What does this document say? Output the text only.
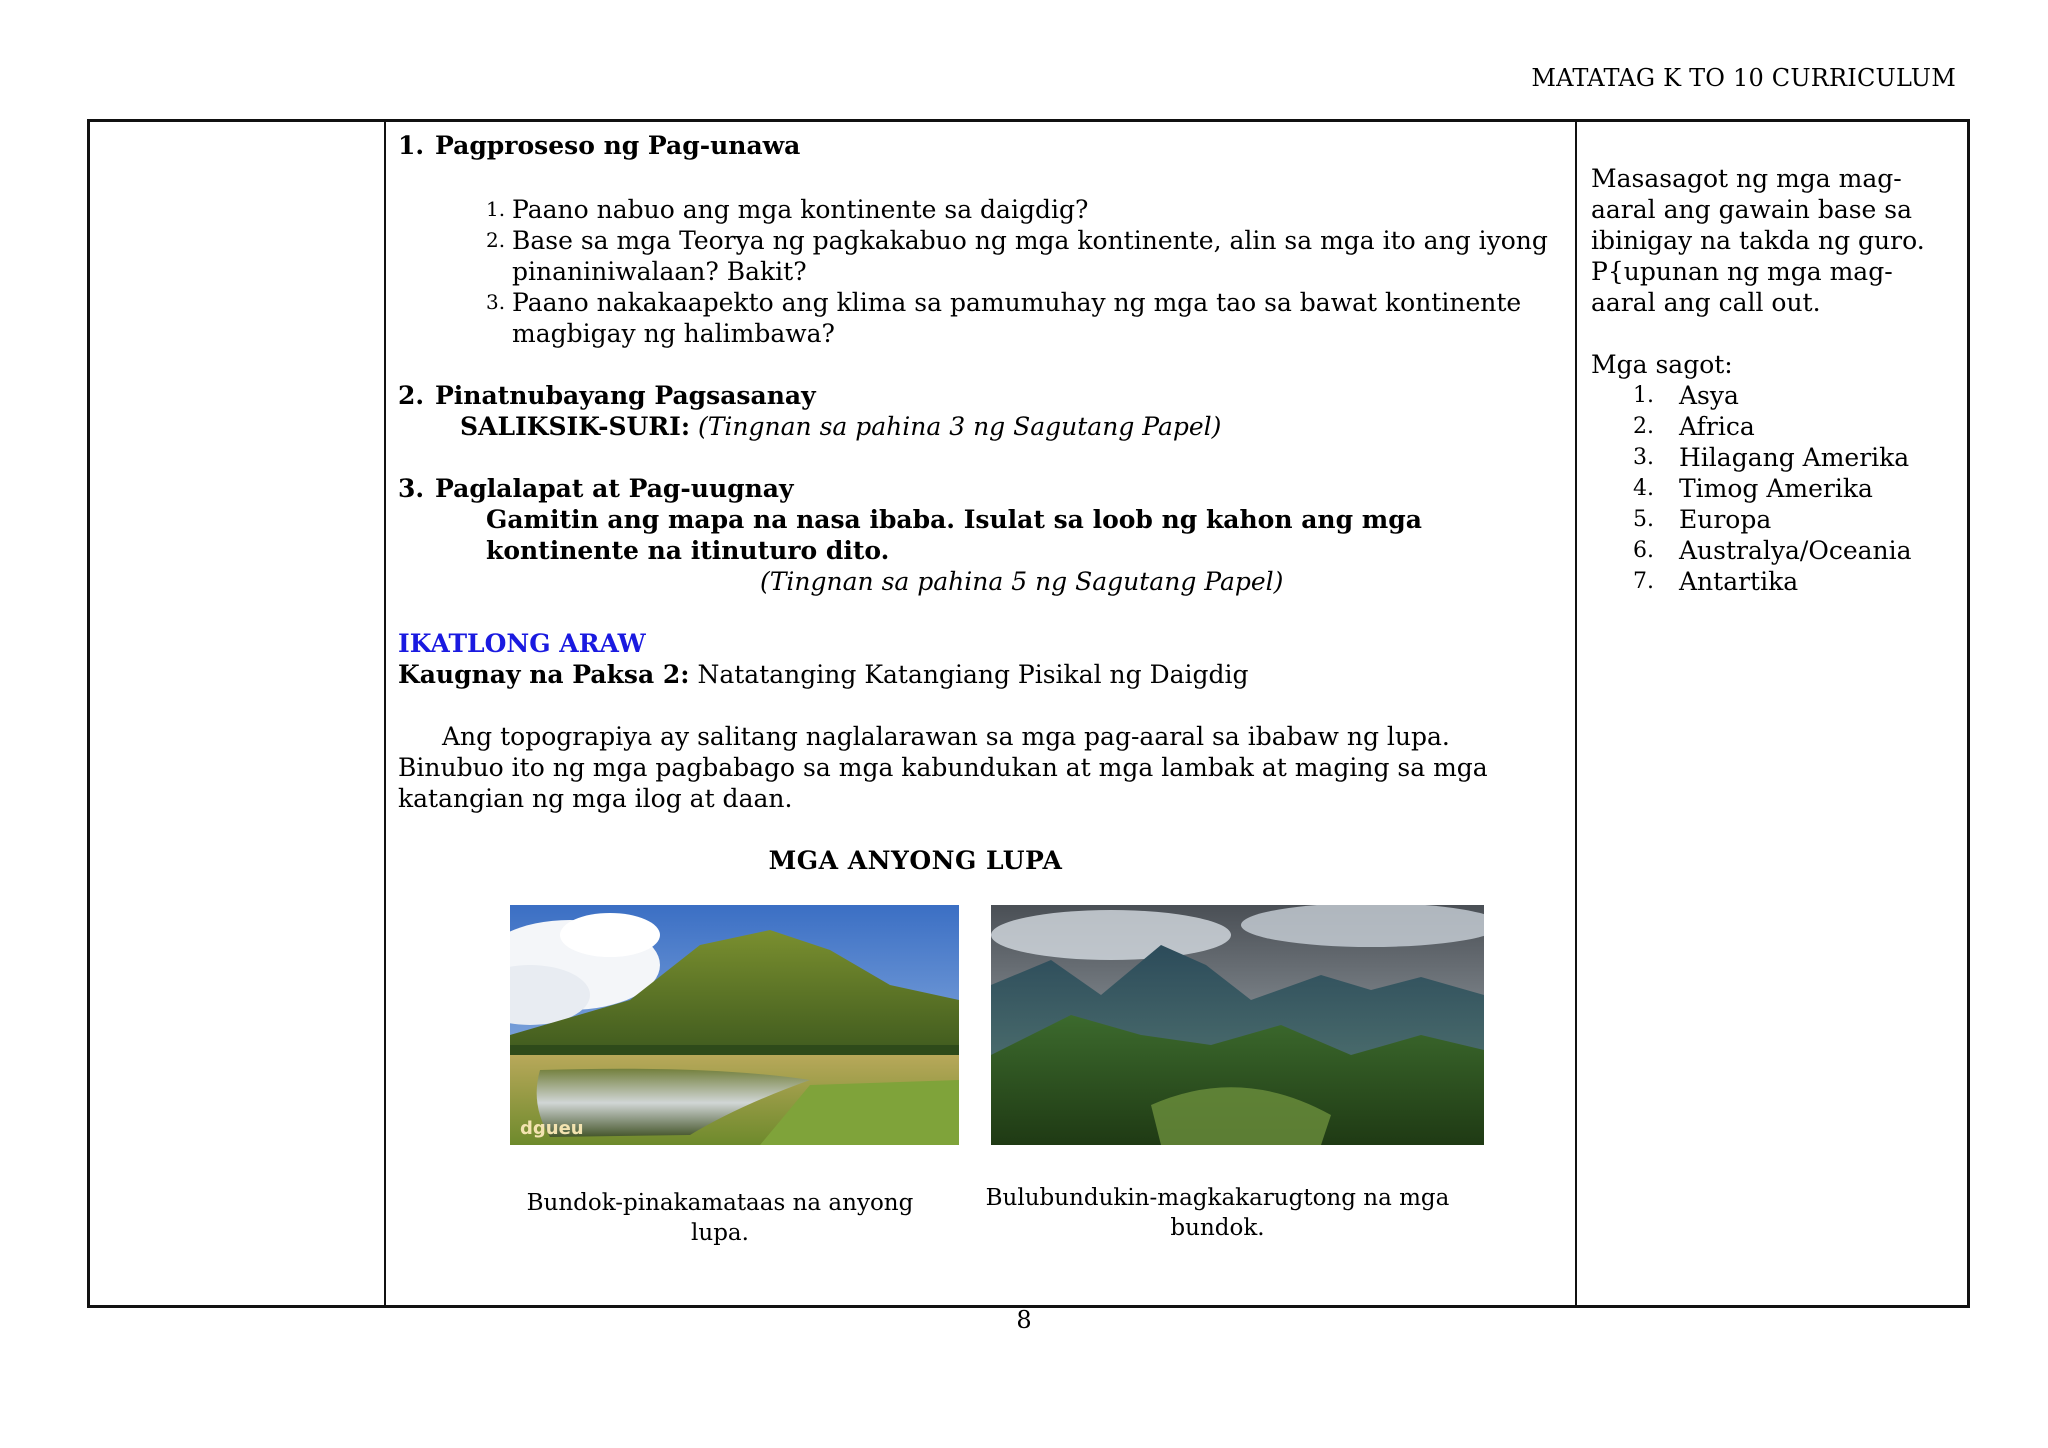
MATATAG K TO 10 CURRICULUM

1. Pagproseso ng Pag-unawa

1. Paano nabuo ang mga kontinente sa daigdig?
2. Base sa mga Teorya ng pagkakabuo ng mga kontinente, alin sa mga ito ang iyong pinaniniwalaan? Bakit?
3. Paano nakakaapekto ang klima sa pamumuhay ng mga tao sa bawat kontinente magbigay ng halimbawa?

2. Pinatnubayang Pagsasanay

SALIKSIK-SURI: (Tingnan sa pahina 3 ng Sagutang Papel)

3. Paglalapat at Pag-uugnay

Gamitin ang mapa na nasa ibaba. Isulat sa loob ng kahon ang mga kontinente na itinuturo dito.
(Tingnan sa pahina 5 ng Sagutang Papel)
IKATLONG ARAW
Kaugnay na Paksa 2: Natatanging Katangiang Pisikal ng Daigdig
Ang topograpiya ay salitang naglalarawan sa mga pag-aaral sa ibabaw ng lupa. Binubuo ito ng mga pagbabago sa mga kabundukan at mga lambak at maging sa mga katangian ng mga ilog at daan.
MGA ANYONG LUPA
dgueu
Bundok-pinakamataas na anyong lupa.
Bulubundukin-magkakarugtong na mga bundok.
Masasagot ng mga mag-aaral ang gawain base sa ibinigay na takda ng guro. P{upunan ng mga mag-aaral ang call out.
Mga sagot:
1. Asya
2. Africa
3. Hilagang Amerika
4. Timog Amerika
5. Europa
6. Australya/Oceania
7. Antartika
8
